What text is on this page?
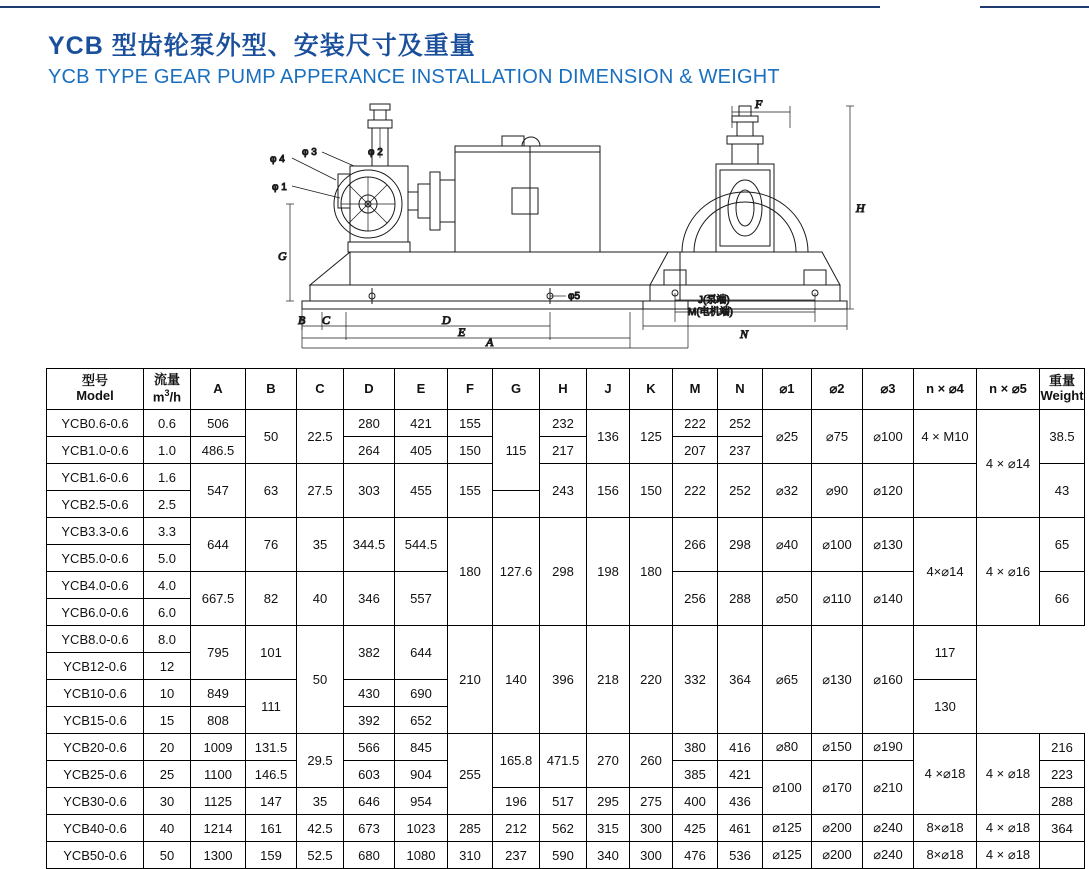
YCB 型齿轮泵外型、安装尺寸及重量
YCB TYPE GEAR PUMP APPERANCE INSTALLATION DIMENSION & WEIGHT
φ5
φ 4
φ 3	φ 2
φ 1
G
B C	D
E
A
F
H
J(泵端)
M(电机端)
N
型号
Model	流量
$m^3/h$	A	B	C	D	E	F	G	H	J	K	M	N	⌀1	⌀2	⌀3	n × ⌀4	n × ⌀5	重量
Weight

YCB0.6-0.6	0.6	506	50	22.5	280	421	155	115	232	136	125	222	252	⌀25	⌀75	⌀100	4 × M10	4 × ⌀14	38.5
YCB1.0-0.6	1.0	486.5			264	405	150		217			207	237						
YCB1.6-0.6	1.6	547	63	27.5	303	455	155		243	156	150	222	252	⌀32	⌀90	⌀120			43
YCB2.5-0.6	2.5																		
YCB3.3-0.6	3.3	644	76	35	344.5	544.5	180	127.6	298	198	180	266	298	⌀40	⌀100	⌀130	4×⌀14	4 × ⌀16	65
YCB5.0-0.6	5.0																		
YCB4.0-0.6	4.0	667.5	82	40	346	557						256	288	⌀50	⌀110	⌀140			66
YCB6.0-0.6	6.0																		
YCB8.0-0.6	8.0	795	101	50	382	644	210	140	396	218	220	332	364	⌀65	⌀130	⌀160	117		
YCB12-0.6	12																		
YCB10-0.6	10	849	111		430	690											130		
YCB15-0.6	15	808			392	652													
YCB20-0.6	20	1009	131.5	29.5	566	845	255	165.8	471.5	270	260	380	416	⌀80	⌀150	⌀190	4 ×⌀18	4 × ⌀18	216
YCB25-0.6	25	1100	146.5		603	904						385	421	⌀100	⌀170	⌀210			223
YCB30-0.6	30	1125	147	35	646	954		196	517	295	275	400	436						288
YCB40-0.6	40	1214	161	42.5	673	1023	285	212	562	315	300	425	461	⌀125	⌀200	⌀240	8×⌀18	4 × ⌀18	364
YCB50-0.6	50	1300	159	52.5	680	1080	310	237	590	340	300	476	536	⌀125	⌀200	⌀240	8×⌀18	4 × ⌀18	
